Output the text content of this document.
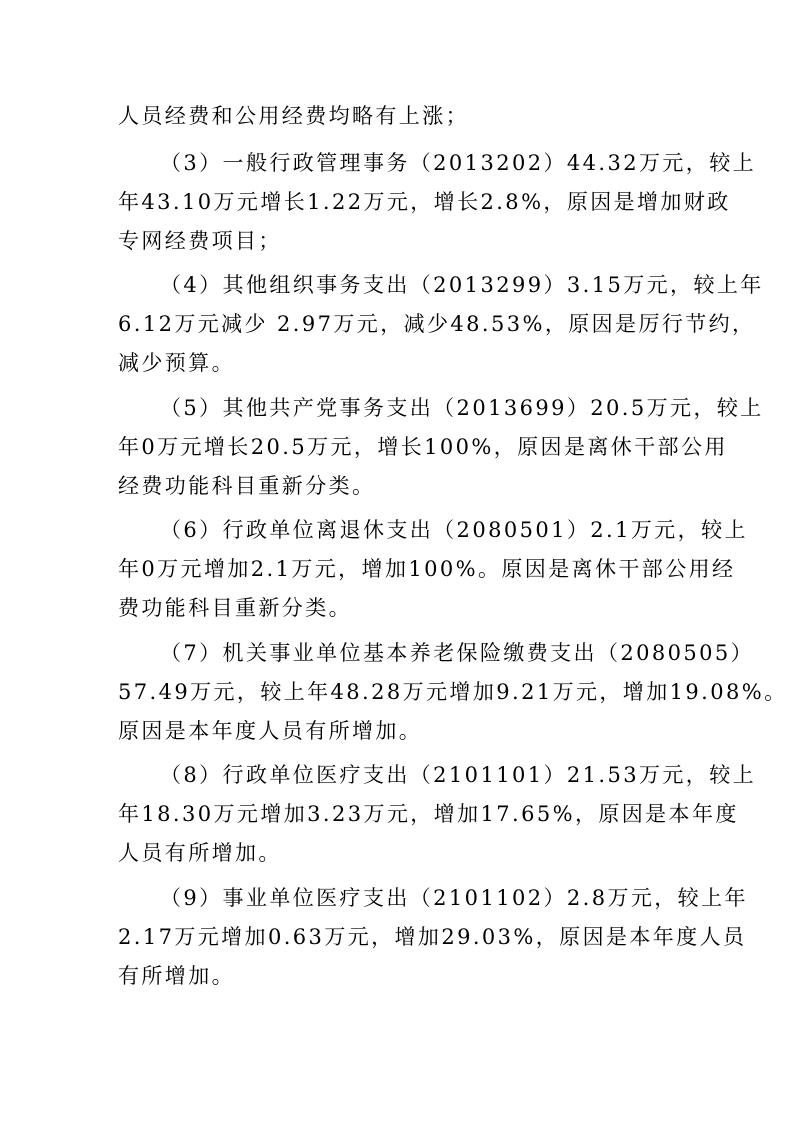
人员经费和公用经费均略有上涨；
（3）一般行政管理事务（2013202）44.32万元，较上
年43.10万元增长1.22万元，增长2.8%，原因是增加财政
专网经费项目；
（4）其他组织事务支出（2013299）3.15万元，较上年
6.12万元减少 2.97万元，减少48.53%，原因是厉行节约，
减少预算。
（5）其他共产党事务支出（2013699）20.5万元，较上
年0万元增长20.5万元，增长100%，原因是离休干部公用
经费功能科目重新分类。
（6）行政单位离退休支出（2080501）2.1万元，较上
年0万元增加2.1万元，增加100%。原因是离休干部公用经
费功能科目重新分类。
（7）机关事业单位基本养老保险缴费支出（2080505）
57.49万元，较上年48.28万元增加9.21万元，增加19.08%。
原因是本年度人员有所增加。
（8）行政单位医疗支出（2101101）21.53万元，较上
年18.30万元增加3.23万元，增加17.65%，原因是本年度
人员有所增加。
（9）事业单位医疗支出（2101102）2.8万元，较上年
2.17万元增加0.63万元，增加29.03%，原因是本年度人员
有所增加。
